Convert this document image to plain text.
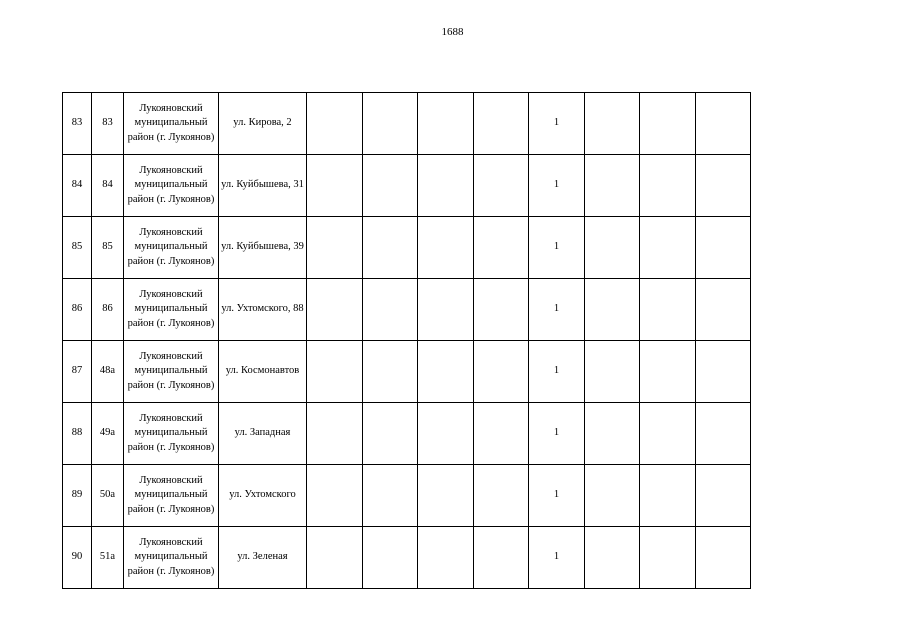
1688
83	83	Лукояновский муниципальный район (г. Лукоянов)	ул. Кирова, 2					1			
84	84	Лукояновский муниципальный район (г. Лукоянов)	ул. Куйбышева, 31					1			
85	85	Лукояновский муниципальный район (г. Лукоянов)	ул. Куйбышева, 39					1			
86	86	Лукояновский муниципальный район (г. Лукоянов)	ул. Ухтомского, 88					1			
87	48а	Лукояновский муниципальный район (г. Лукоянов)	ул. Космонавтов					1			
88	49а	Лукояновский муниципальный район (г. Лукоянов)	ул. Западная					1			
89	50а	Лукояновский муниципальный район (г. Лукоянов)	ул. Ухтомского					1			
90	51а	Лукояновский муниципальный район (г. Лукоянов)	ул. Зеленая					1			
